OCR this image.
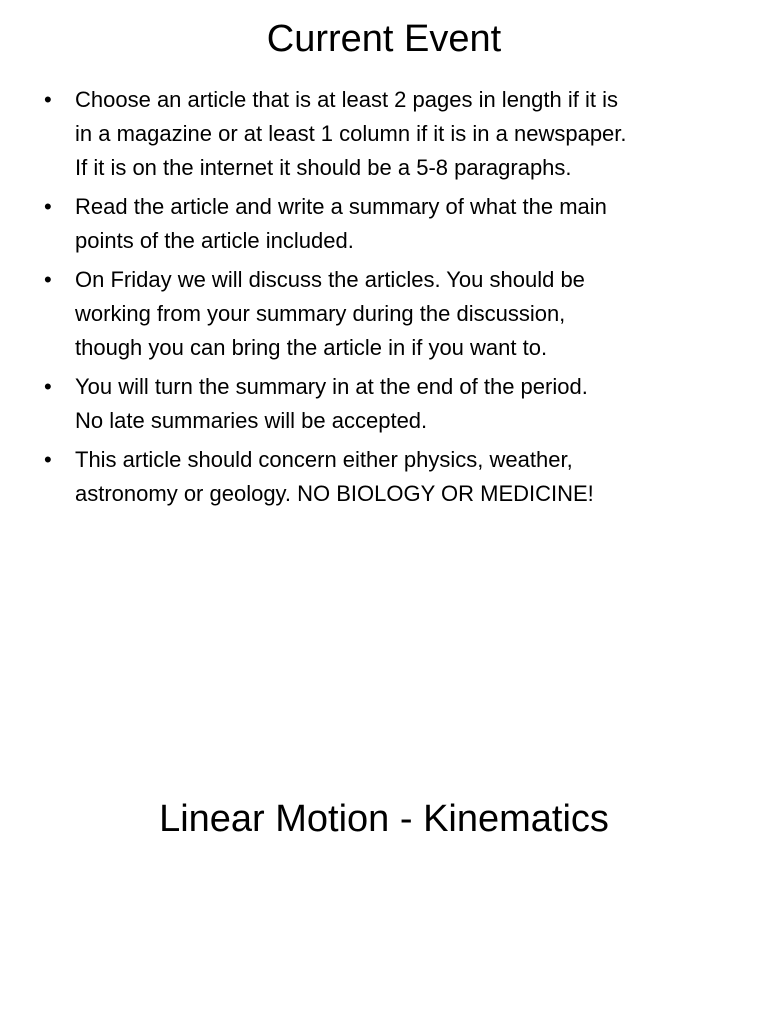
Current Event
•	Choose an article that is at least 2 pages in length if it is
in a magazine or at least 1 column if it is in a newspaper.
If it is on the internet it should be a 5-8 paragraphs.
•	Read the article and write a summary of what the main
points of the article included.
•	On Friday we will discuss the articles. You should be
working from your summary during the discussion,
though you can bring the article in if you want to.
•	You will turn the summary in at the end of the period.
No late summaries will be accepted.
•	This article should concern either physics, weather,
astronomy or geology. NO BIOLOGY OR MEDICINE!
Linear Motion - Kinematics
